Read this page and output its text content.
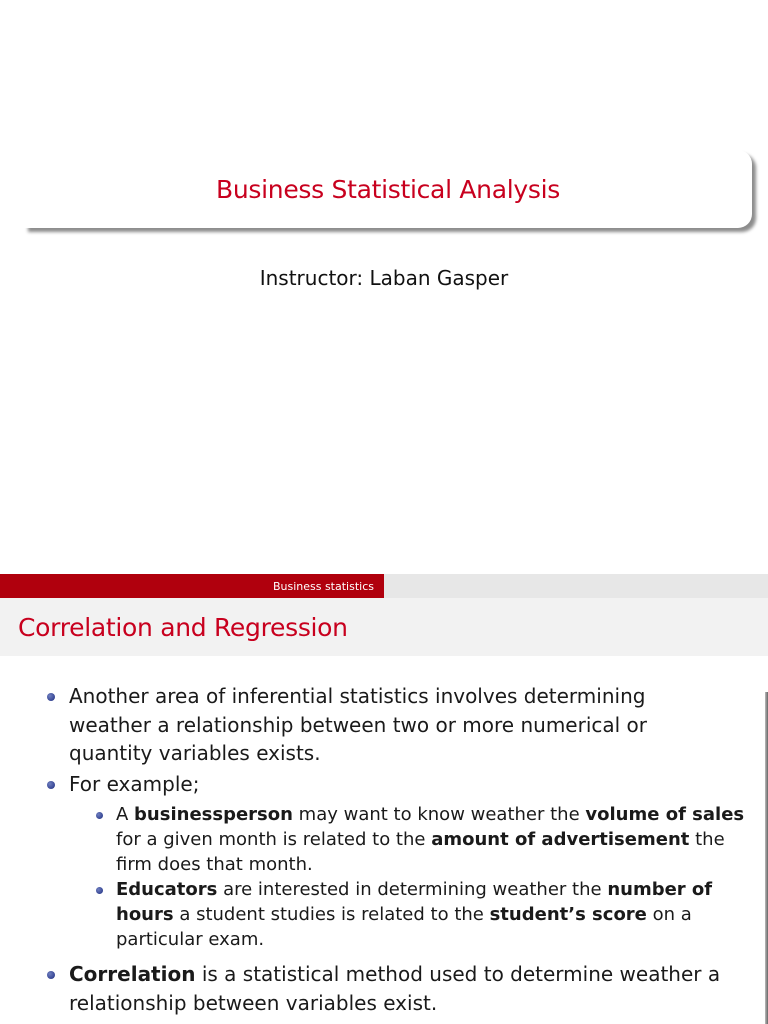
Business Statistical Analysis
Instructor: Laban Gasper
Business statistics
Correlation and Regression
Another area of inferential statistics involves determining weather a relationship between two or more numerical or quantity variables exists.
For example;
A businessperson may want to know weather the volume of sales for a given month is related to the amount of advertisement the firm does that month.
Educators are interested in determining weather the number of hours a student studies is related to the student’s score on a particular exam.
Correlation is a statistical method used to determine weather a relationship between variables exist.
